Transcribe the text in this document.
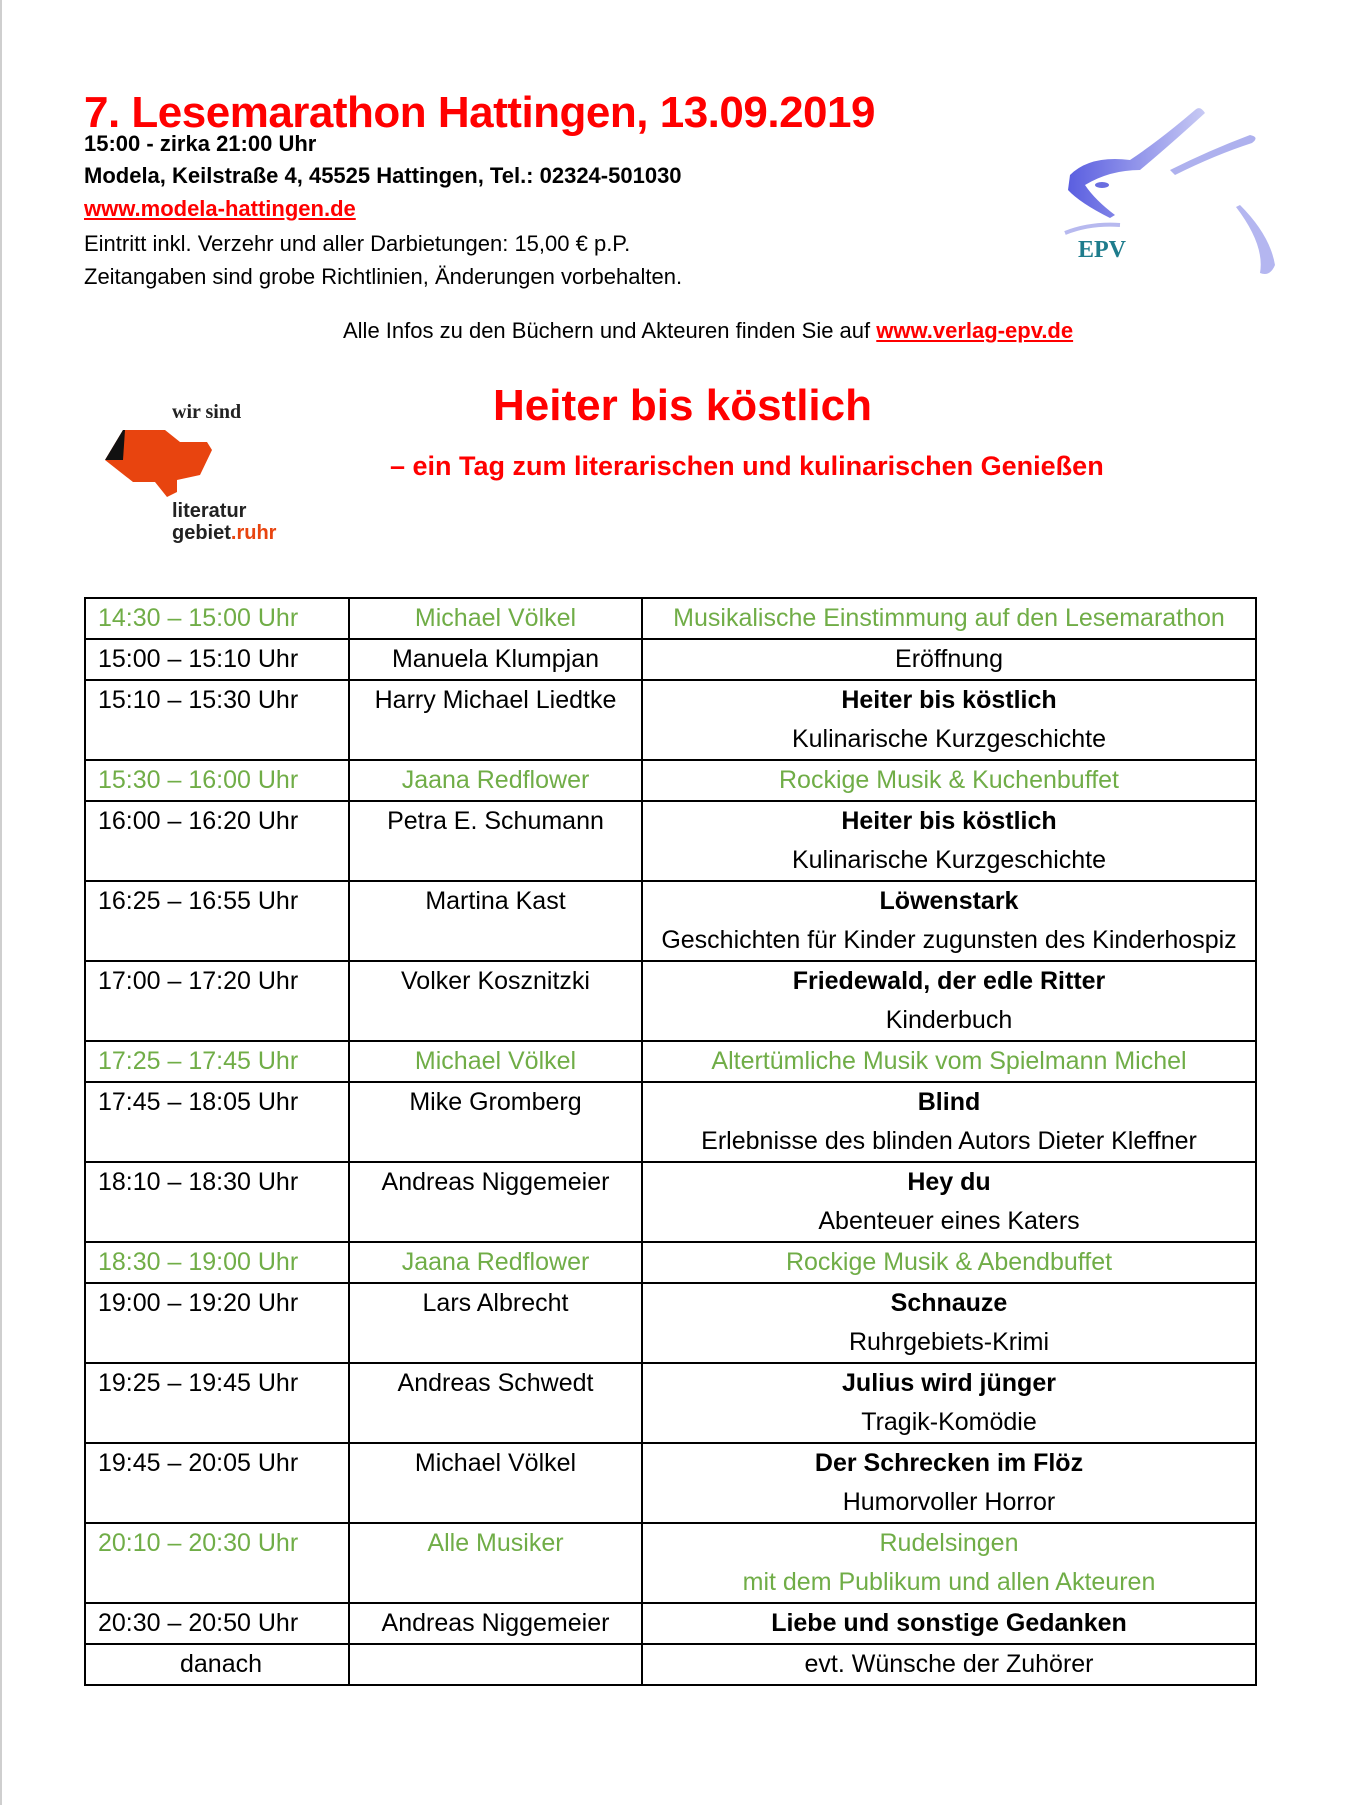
7. Lesemarathon Hattingen, 13.09.2019
15:00 - zirka 21:00 Uhr
Modela, Keilstraße 4, 45525 Hattingen, Tel.: 02324-501030
www.modela-hattingen.de
Eintritt inkl. Verzehr und aller Darbietungen: 15,00 € p.P.
Zeitangaben sind grobe Richtlinien, Änderungen vorbehalten.
Alle Infos zu den Büchern und Akteuren finden Sie auf www.verlag-epv.de
EPV
wir sind
literatur
gebiet.ruhr
Heiter bis köstlich
– ein Tag zum literarischen und kulinarischen Genießen
14:30 – 15:00 Uhr	Michael Völkel	Musikalische Einstimmung auf den Lesemarathon

15:00 – 15:10 Uhr	Manuela Klumpjan	Eröffnung

15:10 – 15:30 Uhr	Harry Michael Liedtke	Heiter bis köstlich
Kulinarische Kurzgeschichte

15:30 – 16:00 Uhr	Jaana Redflower	Rockige Musik & Kuchenbuffet

16:00 – 16:20 Uhr	Petra E. Schumann	Heiter bis köstlich
Kulinarische Kurzgeschichte

16:25 – 16:55 Uhr	Martina Kast	Löwenstark
Geschichten für Kinder zugunsten des Kinderhospiz

17:00 – 17:20 Uhr	Volker Kosznitzki	Friedewald, der edle Ritter
Kinderbuch

17:25 – 17:45 Uhr	Michael Völkel	Altertümliche Musik vom Spielmann Michel

17:45 – 18:05 Uhr	Mike Gromberg	Blind
Erlebnisse des blinden Autors Dieter Kleffner

18:10 – 18:30 Uhr	Andreas Niggemeier	Hey du
Abenteuer eines Katers

18:30 – 19:00 Uhr	Jaana Redflower	Rockige Musik & Abendbuffet

19:00 – 19:20 Uhr	Lars Albrecht	Schnauze
Ruhrgebiets-Krimi

19:25 – 19:45 Uhr	Andreas Schwedt	Julius wird jünger
Tragik-Komödie

19:45 – 20:05 Uhr	Michael Völkel	Der Schrecken im Flöz
Humorvoller Horror

20:10 – 20:30 Uhr	Alle Musiker	Rudelsingen
mit dem Publikum und allen Akteuren

20:30 – 20:50 Uhr	Andreas Niggemeier	Liebe und sonstige Gedanken

danach		evt. Wünsche der Zuhörer
